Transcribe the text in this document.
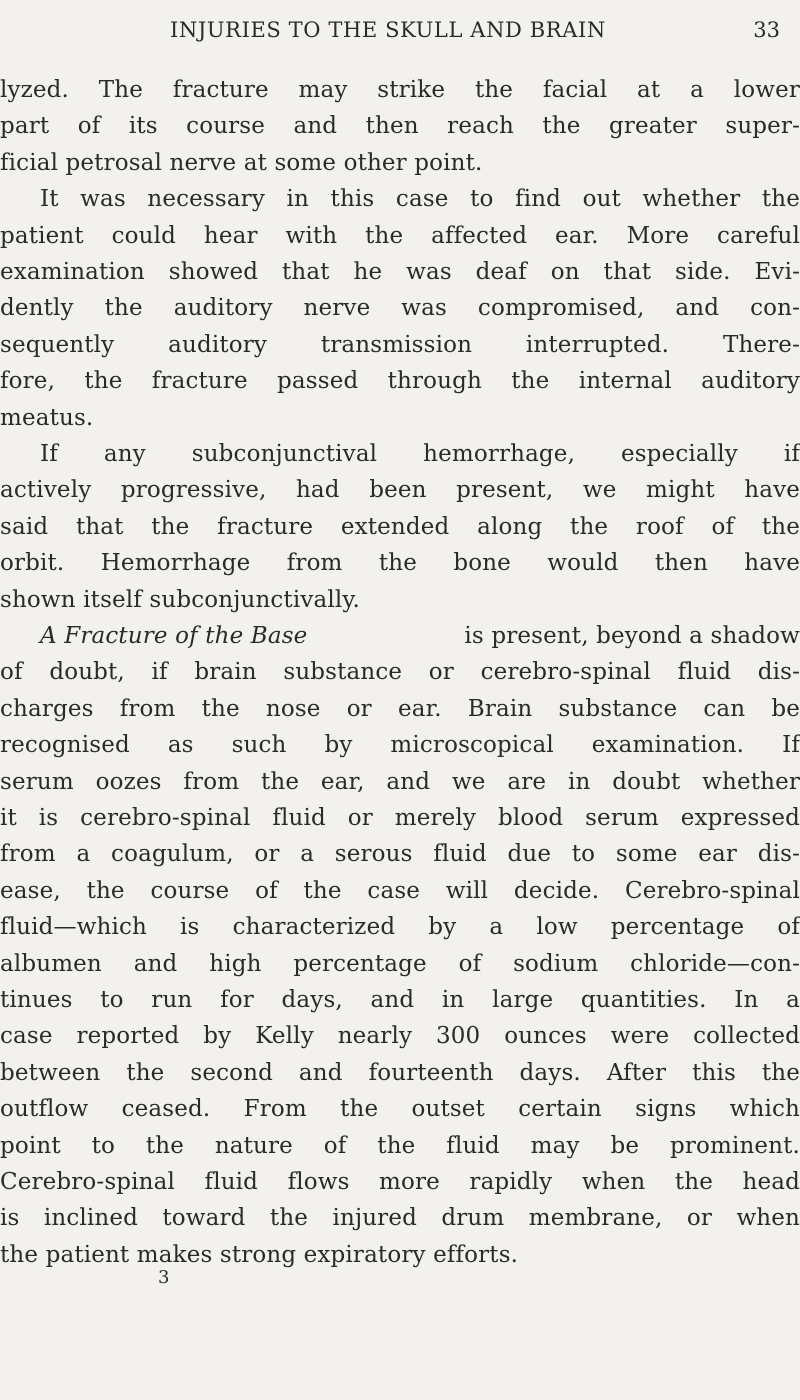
INJURIES TO THE SKULL AND BRAIN	33
lyzed. The fracture may strike the facial at a lower
part of its course and then reach the greater super-
ficial petrosal nerve at some other point.
It was necessary in this case to find out whether the
patient could hear with the affected ear. More careful
examination showed that he was deaf on that side. Evi-
dently the auditory nerve was compromised, and con-
sequently auditory transmission interrupted. There-
fore, the fracture passed through the internal auditory
meatus.
If any subconjunctival hemorrhage, especially if
actively progressive, had been present, we might have
said that the fracture extended along the roof of the
orbit. Hemorrhage from the bone would then have
shown itself subconjunctivally.
A Fracture of the Base	is present, beyond a shadow
of doubt, if brain substance or cerebro-spinal fluid dis-
charges from the nose or ear. Brain substance can be
recognised as such by microscopical examination. If
serum oozes from the ear, and we are in doubt whether
it is cerebro-spinal fluid or merely blood serum expressed
from a coagulum, or a serous fluid due to some ear dis-
ease, the course of the case will decide. Cerebro-spinal
fluid—which is characterized by a low percentage of
albumen and high percentage of sodium chloride—con-
tinues to run for days, and in large quantities. In a
case reported by Kelly nearly 300 ounces were collected
between the second and fourteenth days. After this the
outflow ceased. From the outset certain signs which
point to the nature of the fluid may be prominent.
Cerebro-spinal fluid flows more rapidly when the head
is inclined toward the injured drum membrane, or when
the patient makes strong expiratory efforts.
3
